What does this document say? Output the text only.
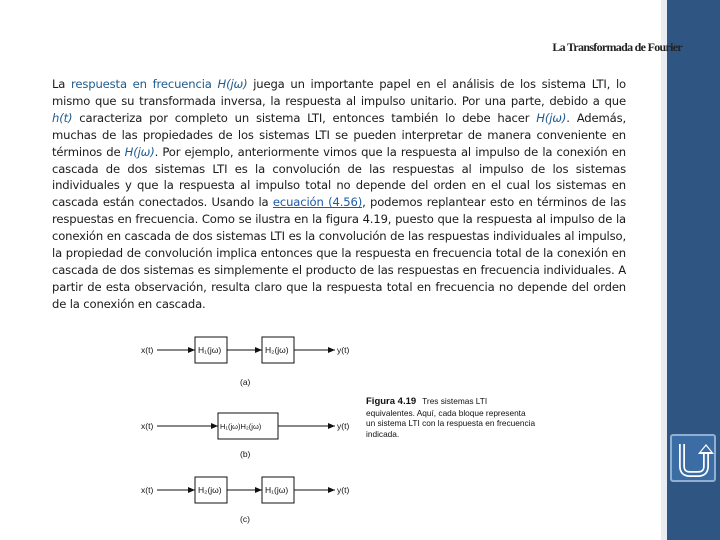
La Transformada de Fourier

La respuesta en frecuencia H(jω) juega un importante papel en el análisis de los sistema LTI, lo mismo que su transformada inversa, la respuesta al impulso unitario. Por una parte, debido a que h(t) caracteriza por completo un sistema LTI, entonces también lo debe hacer H(jω). Además, muchas de las propiedades de los sistemas LTI se pueden interpretar de manera conveniente en términos de H(jω). Por ejemplo, anteriormente vimos que la respuesta al impulso de la conexión en cascada de dos sistemas LTI es la convolución de las respuestas al impulso de los sistemas individuales y que la respuesta al impulso total no depende del orden en el cual los sistemas en cascada están conectados. Usando la ecuación (4.56), podemos replantear esto en términos de las respuestas en frecuencia. Como se ilustra en la figura 4.19, puesto que la respuesta al impulso de la conexión en cascada de dos sistemas LTI es la convolución de las respuestas individuales al impulso, la propiedad de convolución implica entonces que la respuesta en frecuencia total de la conexión en cascada de dos sistemas es simplemente el producto de las respuestas en frecuencia individuales. A partir de esta observación, resulta claro que la respuesta total en frecuencia no depende del orden de la conexión en cascada.

x(t)	H₁(jω)	H₂(jω)	y(t)
(a)
x(t)	H₁(jω)H₂(jω)	y(t)
(b)
x(t)	H₂(jω)	H₁(jω)	y(t)
(c)
Figura 4.19 Tres sistemas LTI equivalentes. Aquí, cada bloque representa un sistema LTI con la respuesta en frecuencia indicada.
